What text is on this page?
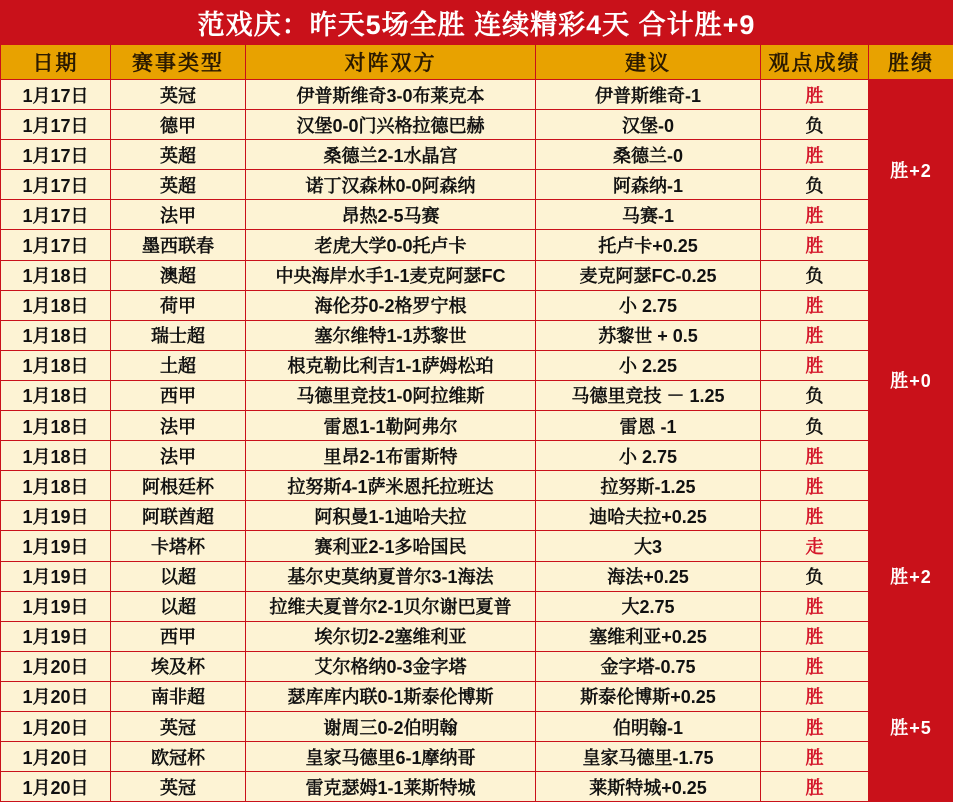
范戏庆：昨天5场全胜 连续精彩4天 合计胜+9
日期	赛事类型	对阵双方	建议	观点成绩	胜绩
1月17日	英冠	伊普斯维奇3-0布莱克本	伊普斯维奇-1	胜	胜+2
1月17日	德甲	汉堡0-0门兴格拉德巴赫	汉堡-0	负	
1月17日	英超	桑德兰2-1水晶宫	桑德兰-0	胜	
1月17日	英超	诺丁汉森林0-0阿森纳	阿森纳-1	负	
1月17日	法甲	昂热2-5马赛	马赛-1	胜	
1月17日	墨西联春	老虎大学0-0托卢卡	托卢卡+0.25	胜	
1月18日	澳超	中央海岸水手1-1麦克阿瑟FC	麦克阿瑟FC-0.25	负	胜+0
1月18日	荷甲	海伦芬0-2格罗宁根	小 2.75	胜	
1月18日	瑞士超	塞尔维特1-1苏黎世	苏黎世 + 0.5	胜	
1月18日	土超	根克勒比利吉1-1萨姆松珀	小 2.25	胜	
1月18日	西甲	马德里竞技1-0阿拉维斯	马德里竞技 － 1.25	负	
1月18日	法甲	雷恩1-1勒阿弗尔	雷恩 -1	负	
1月18日	法甲	里昂2-1布雷斯特	小 2.75	胜	
1月18日	阿根廷杯	拉努斯4-1萨米恩托拉班达	拉努斯-1.25	胜	
1月19日	阿联酋超	阿积曼1-1迪哈夫拉	迪哈夫拉+0.25	胜	胜+2
1月19日	卡塔杯	赛利亚2-1多哈国民	大3	走	
1月19日	以超	基尔史莫纳夏普尔3-1海法	海法+0.25	负	
1月19日	以超	拉维夫夏普尔2-1贝尔谢巴夏普	大2.75	胜	
1月19日	西甲	埃尔切2-2塞维利亚	塞维利亚+0.25	胜	
1月20日	埃及杯	艾尔格纳0-3金字塔	金字塔-0.75	胜	胜+5
1月20日	南非超	瑟库库内联0-1斯泰伦博斯	斯泰伦博斯+0.25	胜	
1月20日	英冠	谢周三0-2伯明翰	伯明翰-1	胜	
1月20日	欧冠杯	皇家马德里6-1摩纳哥	皇家马德里-1.75	胜	
1月20日	英冠	雷克瑟姆1-1莱斯特城	莱斯特城+0.25	胜	
